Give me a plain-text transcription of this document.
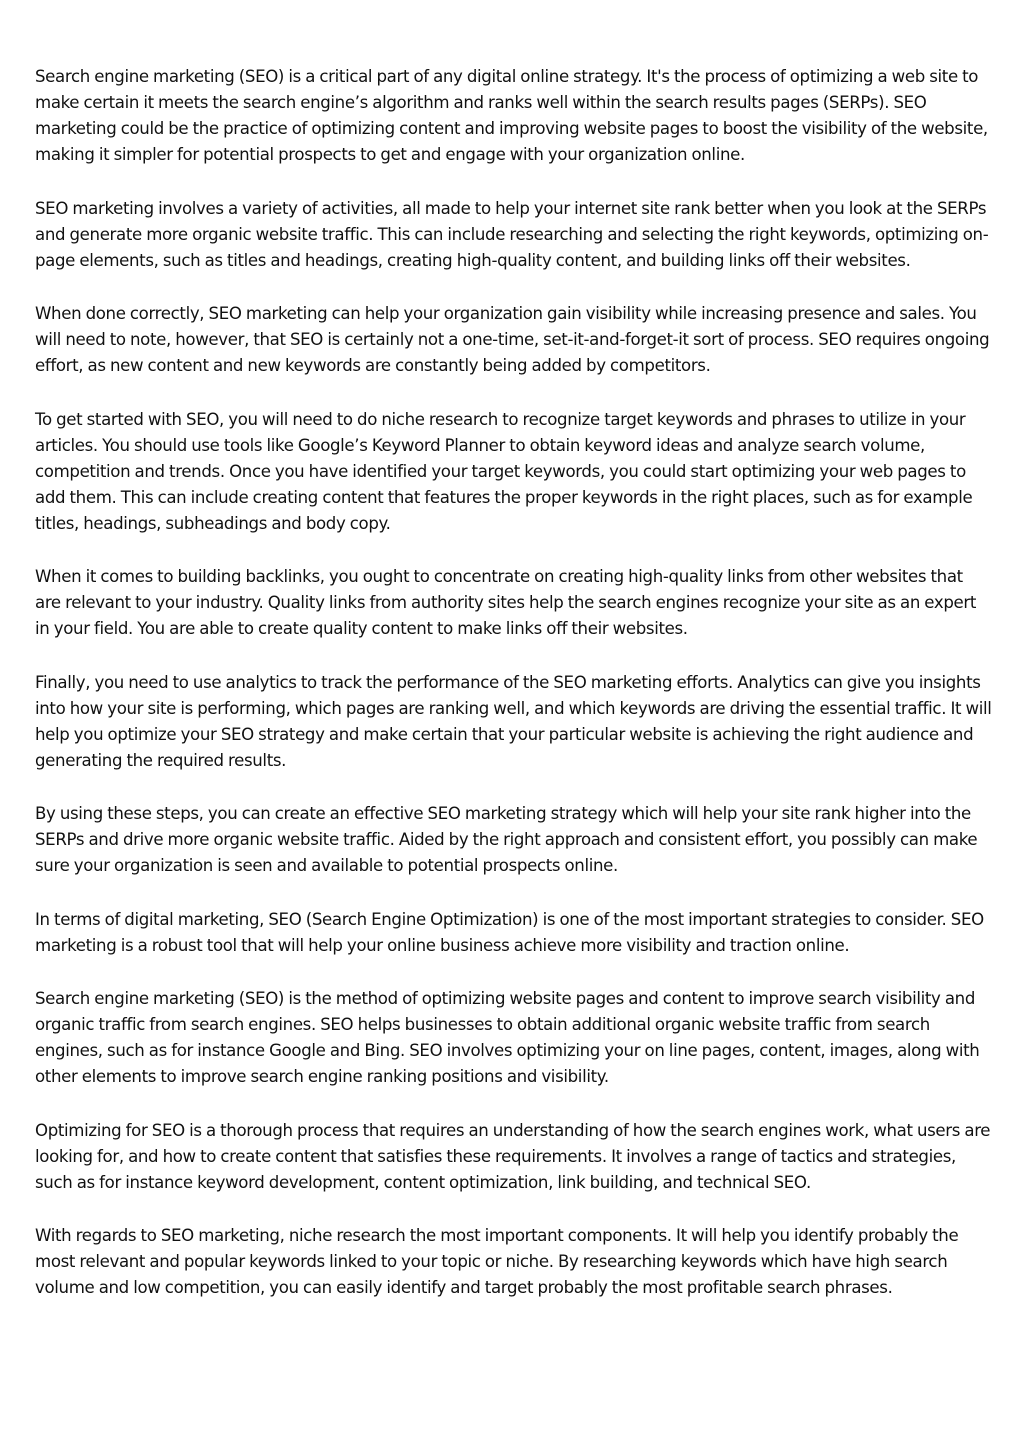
Search engine marketing (SEO) is a critical part of any digital online strategy. It's the process of optimizing a web site to make certain it meets the search engine’s algorithm and ranks well within the search results pages (SERPs). SEO marketing could be the practice of optimizing content and improving website pages to boost the visibility of the website, making it simpler for potential prospects to get and engage with your organization online.

SEO marketing involves a variety of activities, all made to help your internet site rank better when you look at the SERPs and generate more organic website traffic. This can include researching and selecting the right keywords, optimizing on-page elements, such as titles and headings, creating high-quality content, and building links off their websites.

When done correctly, SEO marketing can help your organization gain visibility while increasing presence and sales. You will need to note, however, that SEO is certainly not a one-time, set-it-and-forget-it sort of process. SEO requires ongoing effort, as new content and new keywords are constantly being added by competitors.

To get started with SEO, you will need to do niche research to recognize target keywords and phrases to utilize in your articles. You should use tools like Google’s Keyword Planner to obtain keyword ideas and analyze search volume, competition and trends. Once you have identified your target keywords, you could start optimizing your web pages to add them. This can include creating content that features the proper keywords in the right places, such as for example titles, headings, subheadings and body copy.

When it comes to building backlinks, you ought to concentrate on creating high-quality links from other websites that are relevant to your industry. Quality links from authority sites help the search engines recognize your site as an expert in your field. You are able to create quality content to make links off their websites.

Finally, you need to use analytics to track the performance of the SEO marketing efforts. Analytics can give you insights into how your site is performing, which pages are ranking well, and which keywords are driving the essential traffic. It will help you optimize your SEO strategy and make certain that your particular website is achieving the right audience and generating the required results.

By using these steps, you can create an effective SEO marketing strategy which will help your site rank higher into the SERPs and drive more organic website traffic. Aided by the right approach and consistent effort, you possibly can make sure your organization is seen and available to potential prospects online.

In terms of digital marketing, SEO (Search Engine Optimization) is one of the most important strategies to consider. SEO marketing is a robust tool that will help your online business achieve more visibility and traction online.

Search engine marketing (SEO) is the method of optimizing website pages and content to improve search visibility and organic traffic from search engines. SEO helps businesses to obtain additional organic website traffic from search engines, such as for instance Google and Bing. SEO involves optimizing your on line pages, content, images, along with other elements to improve search engine ranking positions and visibility.

Optimizing for SEO is a thorough process that requires an understanding of how the search engines work, what users are looking for, and how to create content that satisfies these requirements. It involves a range of tactics and strategies, such as for instance keyword development, content optimization, link building, and technical SEO.

With regards to SEO marketing, niche research the most important components. It will help you identify probably the most relevant and popular keywords linked to your topic or niche. By researching keywords which have high search volume and low competition, you can easily identify and target probably the most profitable search phrases.
